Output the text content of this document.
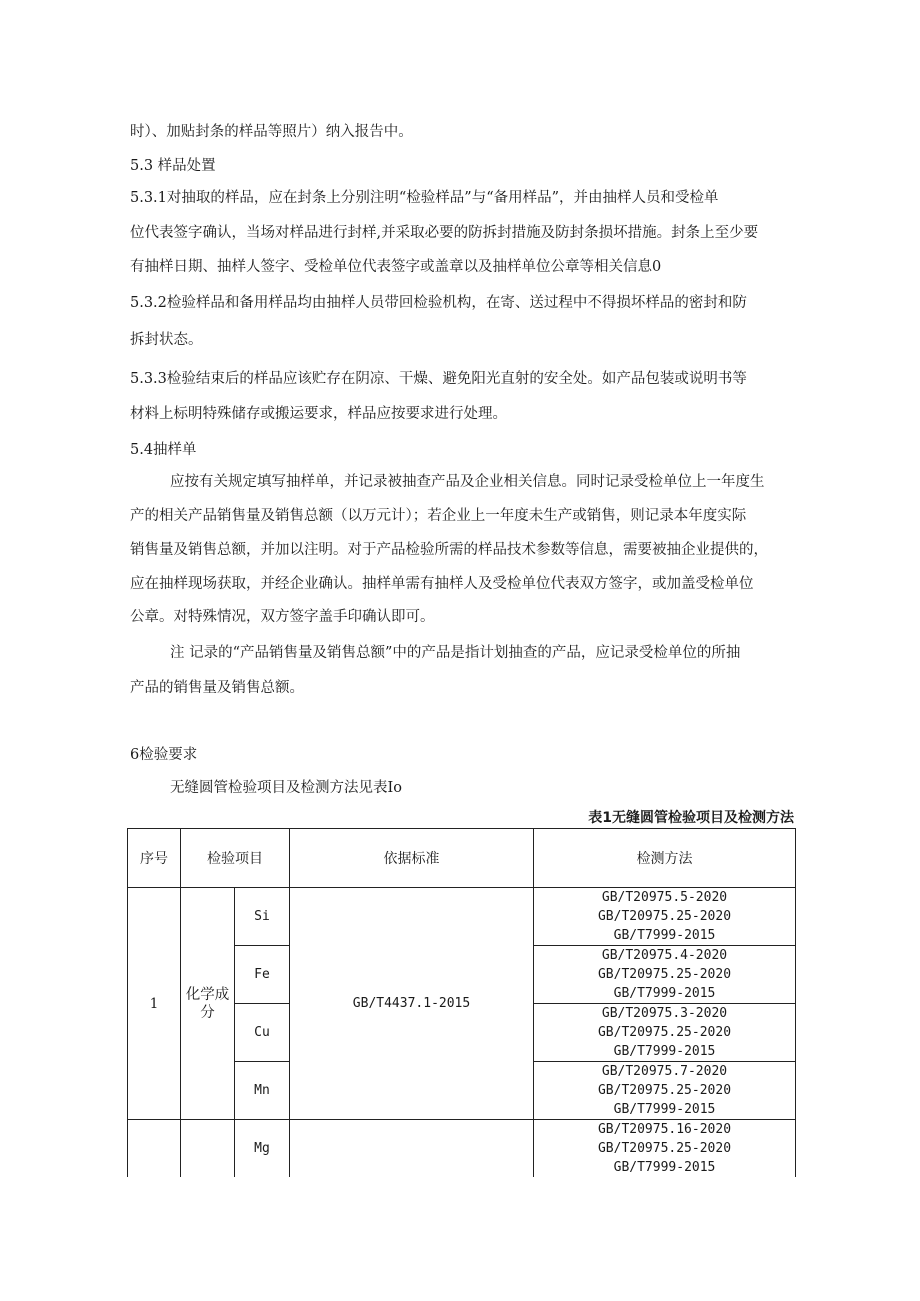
时）、加贴封条的样品等照片）纳入报告中。
5.3 样品处置
5.3.1对抽取的样品，应在封条上分别注明“检验样品”与“备用样品”，并由抽样人员和受检单
位代表签字确认，当场对样品进行封样,并采取必要的防拆封措施及防封条损坏措施。封条上至少要
有抽样日期、抽样人签字、受检单位代表签字或盖章以及抽样单位公章等相关信息0
5.3.2检验样品和备用样品均由抽样人员带回检验机构，在寄、送过程中不得损坏样品的密封和防
拆封状态。
5.3.3检验结束后的样品应该贮存在阴凉、干燥、避免阳光直射的安全处。如产品包装或说明书等
材料上标明特殊储存或搬运要求，样品应按要求进行处理。
5.4抽样单
应按有关规定填写抽样单，并记录被抽查产品及企业相关信息。同时记录受检单位上一年度生
产的相关产品销售量及销售总额（以万元计）；若企业上一年度未生产或销售，则记录本年度实际
销售量及销售总额，并加以注明。对于产品检验所需的样品技术参数等信息，需要被抽企业提供的，
应在抽样现场获取，并经企业确认。抽样单需有抽样人及受检单位代表双方签字，或加盖受检单位
公章。对特殊情况，双方签字盖手印确认即可。
注 记录的“产品销售量及销售总额”中的产品是指计划抽查的产品，应记录受检单位的所抽
产品的销售量及销售总额。
6检验要求
无缝圆管检验项目及检测方法见表Io
表1无缝圆管检验项目及检测方法
序号	检验项目		依据标准	检测方法
1	化学成分	Si	GB/T4437.1-2015	GB/T20975.5-2020
GB/T20975.25-2020
GB/T7999-2015

		Fe		GB/T20975.4-2020
GB/T20975.25-2020
GB/T7999-2015

		Cu		GB/T20975.3-2020
GB/T20975.25-2020
GB/T7999-2015

		Mn		GB/T20975.7-2020
GB/T20975.25-2020
GB/T7999-2015

		Mg		GB/T20975.16-2020
GB/T20975.25-2020
GB/T7999-2015
